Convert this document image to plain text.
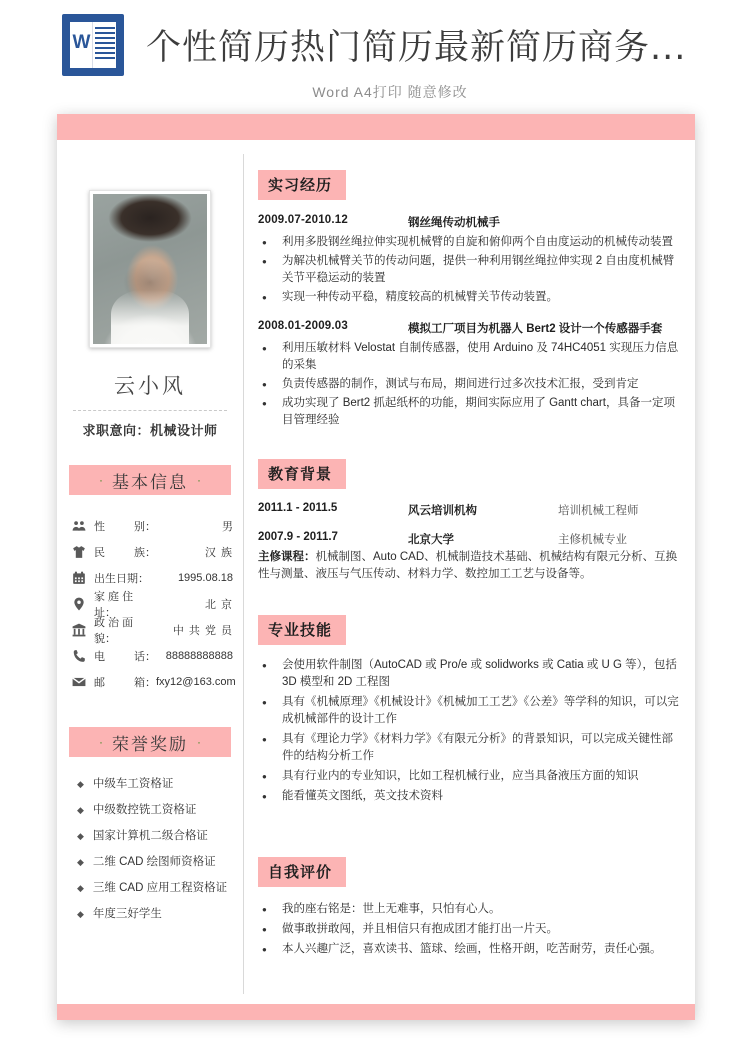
W 个性简历热门简历最新简历商务...
Word A4打印 随意修改
云小风
求职意向：机械设计师
· 基本信息 ·
性	别：	男
民	族：	汉 族
出生日期：	1995.08.18
家 庭 住 址：
北 京
政 治 面 貌：
中 共 党 员
电	话： 88888888888
邮	箱： fxy12@163.com
· 荣誉奖励 ·
◆ 中级车工资格证
◆ 中级数控铣工资格证
◆ 国家计算机二级合格证
◆ 二维 CAD 绘图师资格证
◆ 三维 CAD 应用工程资格证
◆ 年度三好学生
实习经历
2009.07-2010.12	钢丝绳传动机械手
● 利用多股钢丝绳拉伸实现机械臂的自旋和俯仰两个自由度运动的机械传动装置
● 为解决机械臂关节的传动问题，提供一种利用钢丝绳拉伸实现 2 自由度机械臂关节平稳运动的装置
● 实现一种传动平稳，精度较高的机械臂关节传动装置。
2008.01-2009.03	模拟工厂项目为机器人 Bert2 设计一个传感器手套
● 利用压敏材料 Velostat 自制传感器，使用 Arduino 及 74HC4051 实现压力信息的采集
● 负责传感器的制作，测试与布局，期间进行过多次技术汇报，受到肯定
● 成功实现了 Bert2 抓起纸杯的功能，期间实际应用了 Gantt chart，具备一定项目管理经验
教育背景
2011.1 - 2011.5	风云培训机构	培训机械工程师
2007.9 - 2011.7	北京大学	主修机械专业
主修课程：机械制图、Auto CAD、机械制造技术基础、机械结构有限元分析、互换性与测量、液压与气压传动、材料力学、数控加工工艺与设备等。
专业技能
● 会使用软件制图（AutoCAD 或 Pro/e 或 solidworks 或 Catia 或 U G 等），包括 3D 模型和 2D 工程图
● 具有《机械原理》《机械设计》《机械加工工艺》《公差》等学科的知识，可以完成机械部件的设计工作
● 具有《理论力学》《材料力学》《有限元分析》的背景知识，可以完成关键性部件的结构分析工作
● 具有行业内的专业知识，比如工程机械行业，应当具备液压方面的知识
● 能看懂英文图纸，英文技术资料
自我评价
● 我的座右铭是：世上无难事，只怕有心人。
● 做事敢拼敢闯，并且相信只有抱成团才能打出一片天。
● 本人兴趣广泛，喜欢读书、篮球、绘画，性格开朗，吃苦耐劳，责任心强。
